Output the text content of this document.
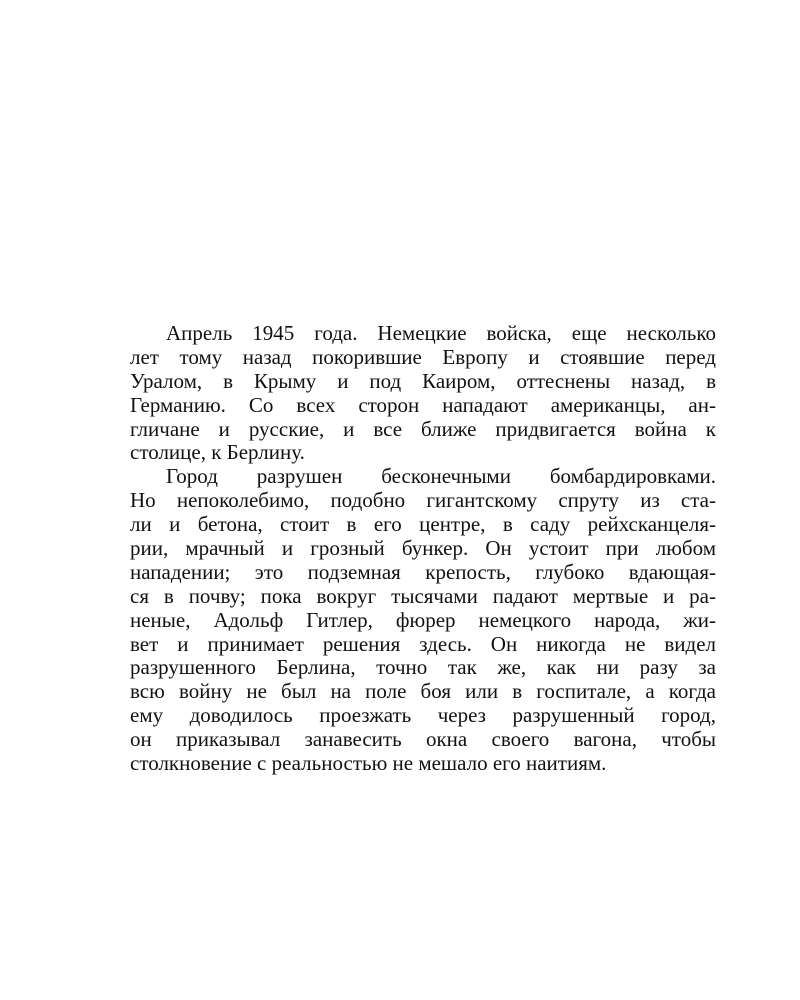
Апрель 1945 года. Немецкие войска, еще несколько
лет тому назад покорившие Европу и стоявшие перед
Уралом, в Крыму и под Каиром, оттеснены назад, в
Германию. Со всех сторон нападают американцы, ан-
гличане и русские, и все ближе придвигается война к
столице, к Берлину.
Город разрушен бесконечными бомбардировками.
Но непоколебимо, подобно гигантскому спруту из ста-
ли и бетона, стоит в его центре, в саду рейхсканцеля-
рии, мрачный и грозный бункер. Он устоит при любом
нападении; это подземная крепость, глубоко вдающая-
ся в почву; пока вокруг тысячами падают мертвые и ра-
неные, Адольф Гитлер, фюрер немецкого народа, жи-
вет и принимает решения здесь. Он никогда не видел
разрушенного Берлина, точно так же, как ни разу за
всю войну не был на поле боя или в госпитале, а когда
ему доводилось проезжать через разрушенный город,
он приказывал занавесить окна своего вагона, чтобы
столкновение с реальностью не мешало его наитиям.
